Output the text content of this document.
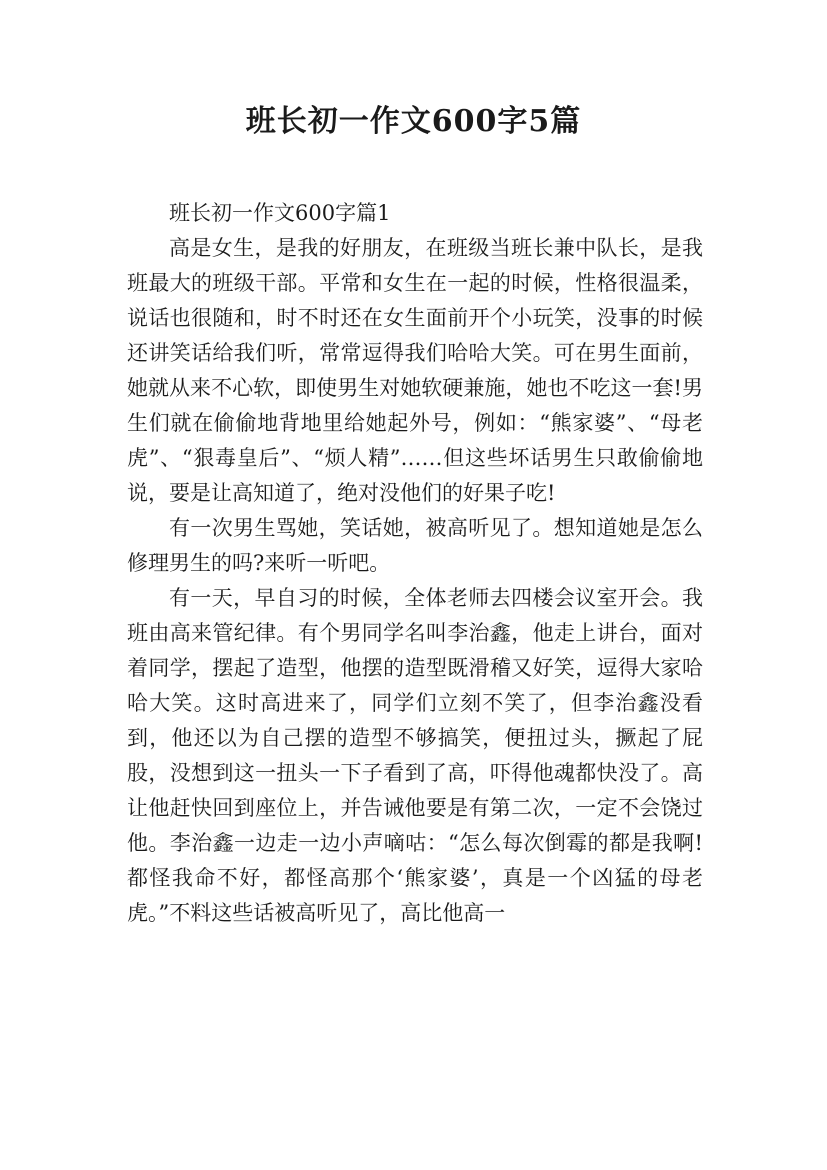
班长初一作文600字5篇

班长初一作文600字篇1

高是女生，是我的好朋友，在班级当班长兼中队长，是我班最大的班级干部。平常和女生在一起的时候，性格很温柔，说话也很随和，时不时还在女生面前开个小玩笑，没事的时候还讲笑话给我们听，常常逗得我们哈哈大笑。可在男生面前，她就从来不心软，即使男生对她软硬兼施，她也不吃这一套!男生们就在偷偷地背地里给她起外号，例如：“熊家婆”、“母老虎”、“狠毒皇后”、“烦人精”……但这些坏话男生只敢偷偷地说，要是让高知道了，绝对没他们的好果子吃!

有一次男生骂她，笑话她，被高听见了。想知道她是怎么修理男生的吗?来听一听吧。

有一天，早自习的时候，全体老师去四楼会议室开会。我班由高来管纪律。有个男同学名叫李治鑫，他走上讲台，面对着同学，摆起了造型，他摆的造型既滑稽又好笑，逗得大家哈哈大笑。这时高进来了，同学们立刻不笑了，但李治鑫没看到，他还以为自己摆的造型不够搞笑，便扭过头，撅起了屁股，没想到这一扭头一下子看到了高，吓得他魂都快没了。高让他赶快回到座位上，并告诫他要是有第二次，一定不会饶过他。李治鑫一边走一边小声嘀咕：“怎么每次倒霉的都是我啊!都怪我命不好，都怪高那个‘熊家婆’，真是一个凶猛的母老虎。”不料这些话被高听见了，高比他高一
